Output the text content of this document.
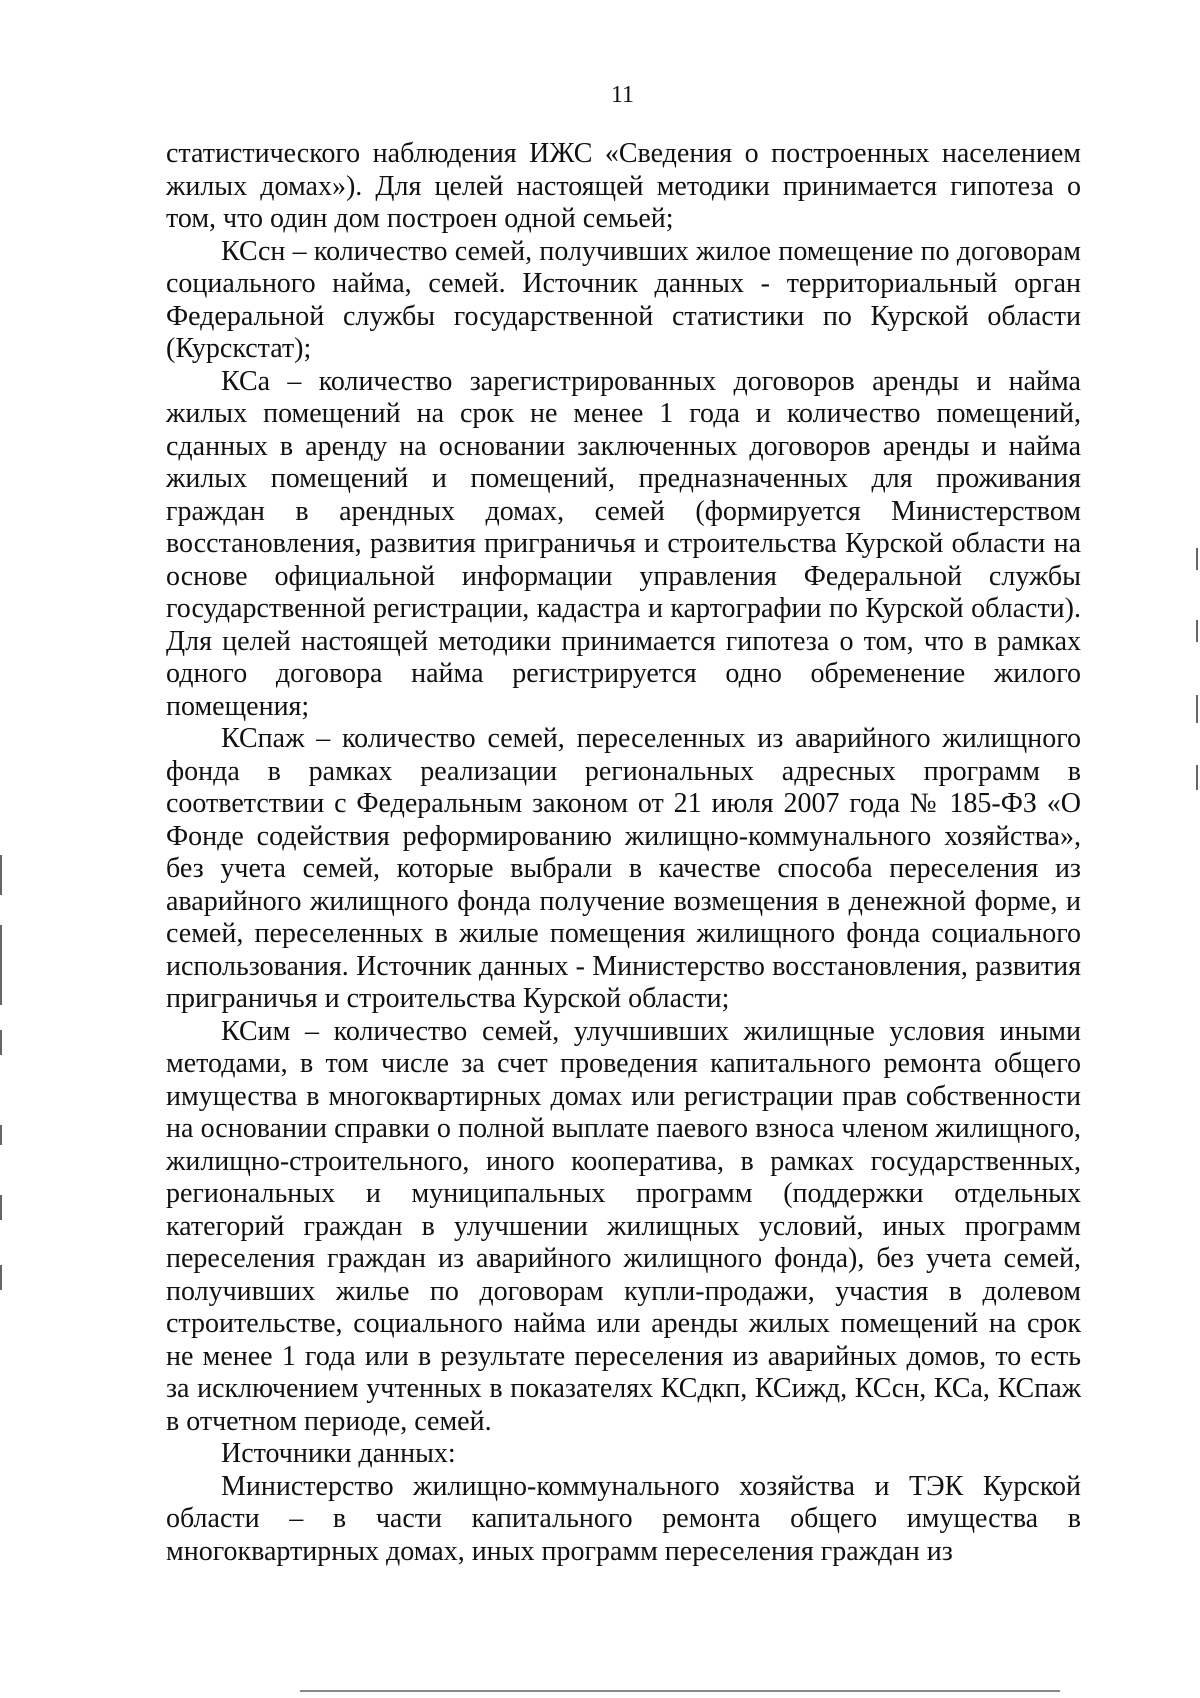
11

статистического наблюдения ИЖС «Сведения о построенных населением жилых домах»). Для целей настоящей методики принимается гипотеза о том, что один дом построен одной семьей;

КСсн – количество семей, получивших жилое помещение по договорам социального найма, семей. Источник данных - территориальный орган Федеральной службы государственной статистики по Курской области (Курскстат);

КСа – количество зарегистрированных договоров аренды и найма жилых помещений на срок не менее 1 года и количество помещений, сданных в аренду на основании заключенных договоров аренды и найма жилых помещений и помещений, предназначенных для проживания граждан в арендных домах, семей (формируется Министерством восстановления, развития приграничья и строительства Курской области на основе официальной информации управления Федеральной службы государственной регистрации, кадастра и картографии по Курской области). Для целей настоящей методики принимается гипотеза о том, что в рамках одного договора найма регистрируется одно обременение жилого помещения;

КСпаж – количество семей, переселенных из аварийного жилищного фонда в рамках реализации региональных адресных программ в соответствии с Федеральным законом от 21 июля 2007 года № 185-ФЗ «О Фонде содействия реформированию жилищно-коммунального хозяйства», без учета семей, которые выбрали в качестве способа переселения из аварийного жилищного фонда получение возмещения в денежной форме, и семей, переселенных в жилые помещения жилищного фонда социального использования. Источник данных - Министерство восстановления, развития приграничья и строительства Курской области;

КСим – количество семей, улучшивших жилищные условия иными методами, в том числе за счет проведения капитального ремонта общего имущества в многоквартирных домах или регистрации прав собственности на основании справки о полной выплате паевого взноса членом жилищного, жилищно-строительного, иного кооператива, в рамках государственных, региональных и муниципальных программ (поддержки отдельных категорий граждан в улучшении жилищных условий, иных программ переселения граждан из аварийного жилищного фонда), без учета семей, получивших жилье по договорам купли-продажи, участия в долевом строительстве, социального найма или аренды жилых помещений на срок не менее 1 года или в результате переселения из аварийных домов, то есть за исключением учтенных в показателях КСдкп, КСижд, КСсн, КСа, КСпаж в отчетном периоде, семей.

Источники данных:

Министерство жилищно-коммунального хозяйства и ТЭК Курской области – в части капитального ремонта общего имущества в многоквартирных домах, иных программ переселения граждан из
